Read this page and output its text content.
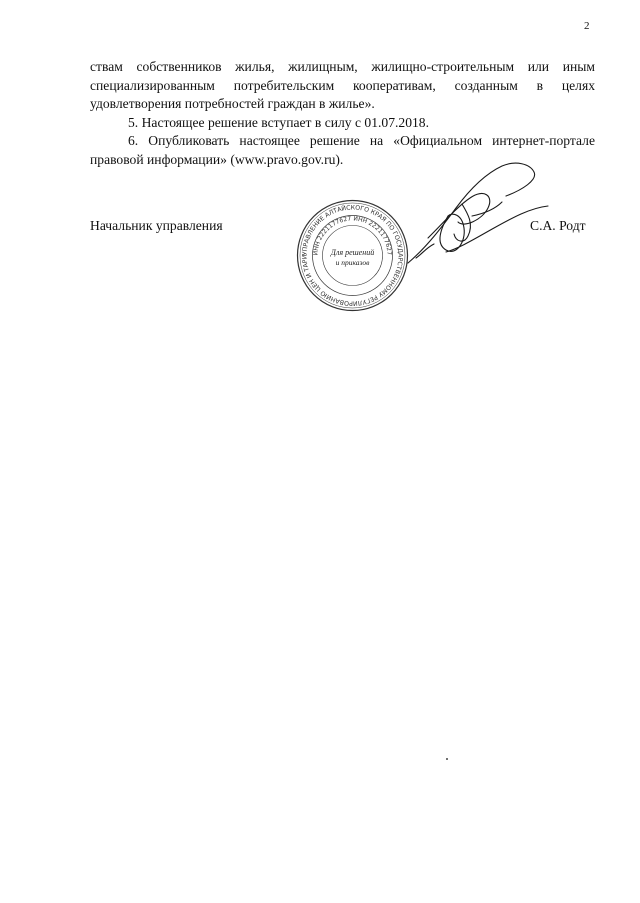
2

ствам собственников жилья, жилищным, жилищно-строительным или иным специализированным потребительским кооперативам, созданным в целях удовлетворения потребностей граждан в жилье».

5. Настоящее решение вступает в силу с 01.07.2018.

6. Опубликовать настоящее решение на «Официальном интернет-портале правовой информации» (www.pravo.gov.ru).

Начальник управления
УПРАВЛЕНИЕ АЛТАЙСКОГО КРАЯ ПО ГОСУДАРСТВЕННОМУ РЕГУЛИРОВАНИЮ ЦЕН И ТАРИ
ИНН 2221177627 ИНН 2221177627
Для решений
и приказов
С.А. Родт
